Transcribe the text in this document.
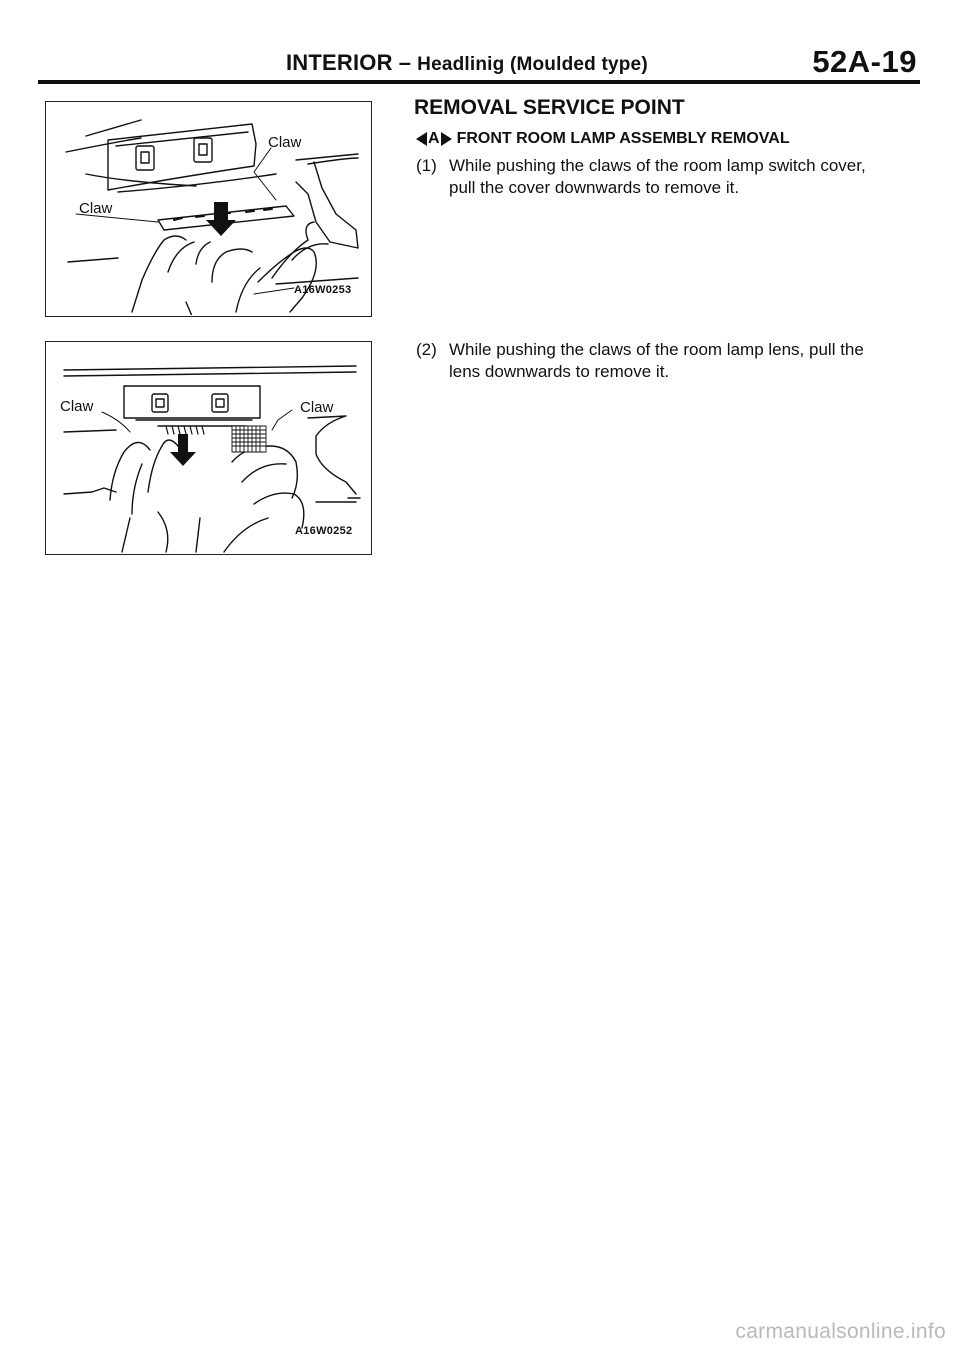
INTERIOR – Headlinig (Moulded type)	52A-19
Claw
Claw
A16W0253
Claw	Claw
A16W0252
REMOVAL SERVICE POINT
A FRONT ROOM LAMP ASSEMBLY REMOVAL
(1) While pushing the claws of the room lamp switch cover,
pull the cover downwards to remove it.
(2) While pushing the claws of the room lamp lens, pull the
lens downwards to remove it.
carmanualsonline.info
